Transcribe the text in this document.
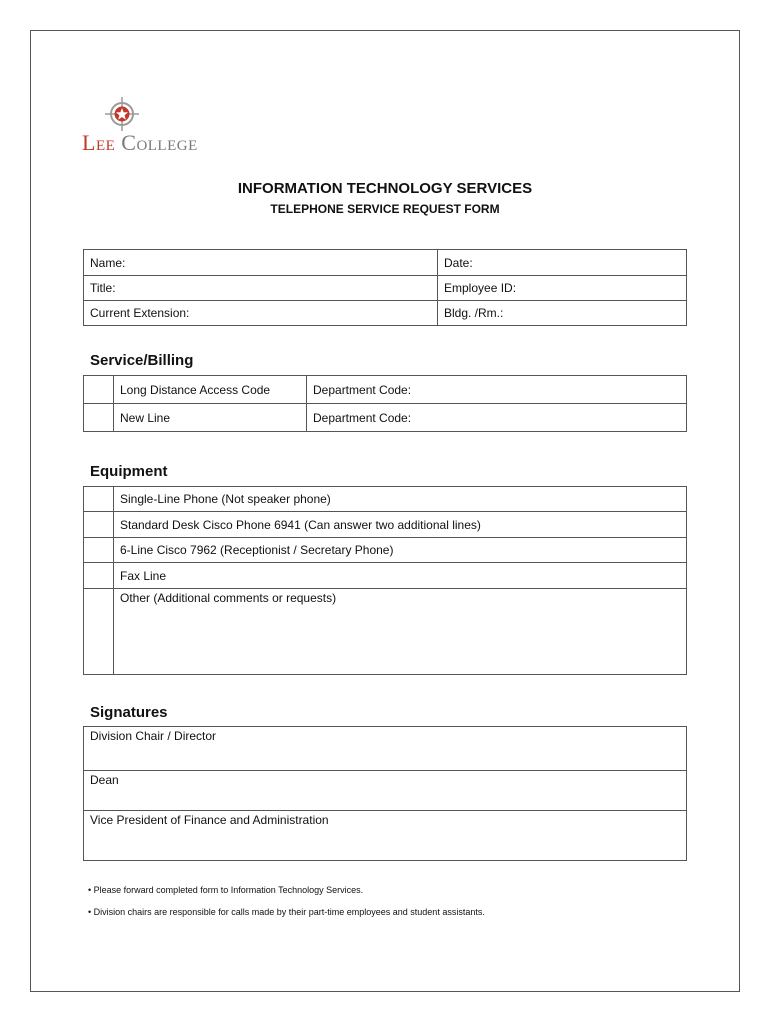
Lee College
INFORMATION TECHNOLOGY SERVICES
TELEPHONE SERVICE REQUEST FORM
Name:	Date:
Title:	Employee ID:
Current Extension:	Bldg. /Rm.:
Service/Billing
	Long Distance Access Code	Department Code:
	New Line	Department Code:
Equipment
	Single-Line Phone (Not speaker phone)
	Standard Desk Cisco Phone 6941 (Can answer two additional lines)
	6-Line Cisco 7962 (Receptionist / Secretary Phone)
	Fax Line
	Other (Additional comments or requests)
Signatures
Division Chair / Director
Dean
Vice President of Finance and Administration
• Please forward completed form to Information Technology Services.
• Division chairs are responsible for calls made by their part-time employees and student assistants.
